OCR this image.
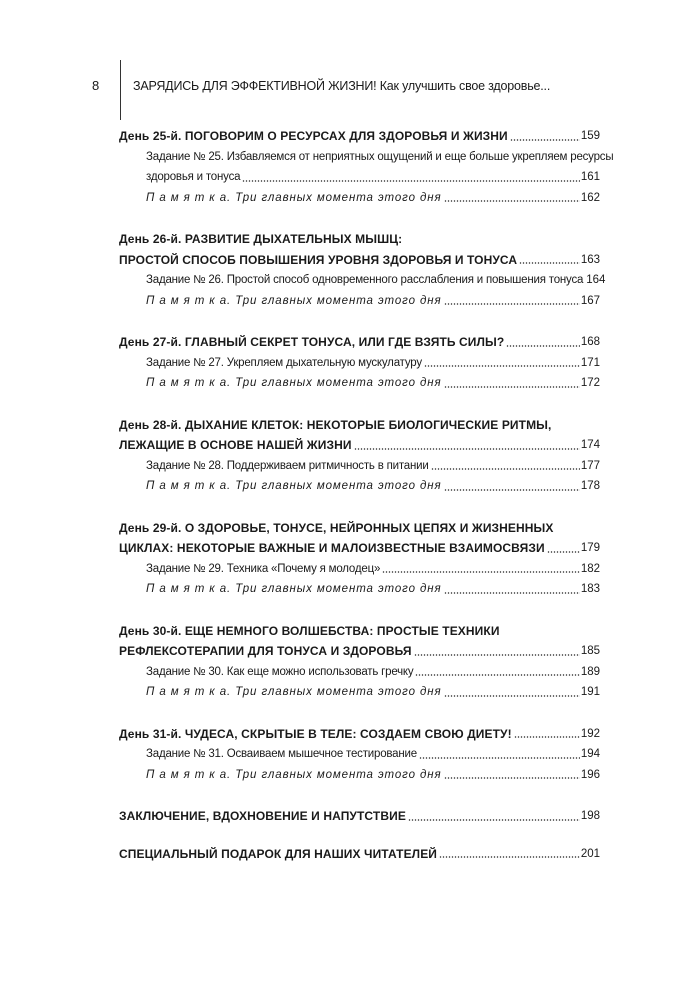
8	ЗАРЯДИСЬ ДЛЯ ЭФФЕКТИВНОЙ ЖИЗНИ! Как улучшить свое здоровье...
День 25-й. ПОГОВОРИМ О РЕСУРСАХ ДЛЯ ЗДОРОВЬЯ И ЖИЗНИ	159
Задание № 25. Избавляемся от неприятных ощущений и еще больше укрепляем ресурсы
здоровья и тонуса	161
П а м я т к а. Три главных момента этого дня	162
День 26-й. РАЗВИТИЕ ДЫХАТЕЛЬНЫХ МЫШЦ:
ПРОСТОЙ СПОСОБ ПОВЫШЕНИЯ УРОВНЯ ЗДОРОВЬЯ И ТОНУСА	163
Задание № 26. Простой способ одновременного расслабления и повышения тонуса 164
П а м я т к а. Три главных момента этого дня	167
День 27-й. ГЛАВНЫЙ СЕКРЕТ ТОНУСА, ИЛИ ГДЕ ВЗЯТЬ СИЛЫ?	168
Задание № 27. Укрепляем дыхательную мускулатуру	171
П а м я т к а. Три главных момента этого дня	172
День 28-й. ДЫХАНИЕ КЛЕТОК: НЕКОТОРЫЕ БИОЛОГИЧЕСКИЕ РИТМЫ,
ЛЕЖАЩИЕ В ОСНОВЕ НАШЕЙ ЖИЗНИ	174
Задание № 28. Поддерживаем ритмичность в питании	177
П а м я т к а. Три главных момента этого дня	178
День 29-й. О ЗДОРОВЬЕ, ТОНУСЕ, НЕЙРОННЫХ ЦЕПЯХ И ЖИЗНЕННЫХ
ЦИКЛАХ: НЕКОТОРЫЕ ВАЖНЫЕ И МАЛОИЗВЕСТНЫЕ ВЗАИМОСВЯЗИ	179
Задание № 29. Техника «Почему я молодец»	182
П а м я т к а. Три главных момента этого дня	183
День 30-й. ЕЩЕ НЕМНОГО ВОЛШЕБСТВА: ПРОСТЫЕ ТЕХНИКИ
РЕФЛЕКСОТЕРАПИИ ДЛЯ ТОНУСА И ЗДОРОВЬЯ	185
Задание № 30. Как еще можно использовать гречку	189
П а м я т к а. Три главных момента этого дня	191
День 31-й. ЧУДЕСА, СКРЫТЫЕ В ТЕЛЕ: СОЗДАЕМ СВОЮ ДИЕТУ!	192
Задание № 31. Осваиваем мышечное тестирование	194
П а м я т к а. Три главных момента этого дня	196
ЗАКЛЮЧЕНИЕ, ВДОХНОВЕНИЕ И НАПУТСТВИЕ	198
СПЕЦИАЛЬНЫЙ ПОДАРОК ДЛЯ НАШИХ ЧИТАТЕЛЕЙ	201
